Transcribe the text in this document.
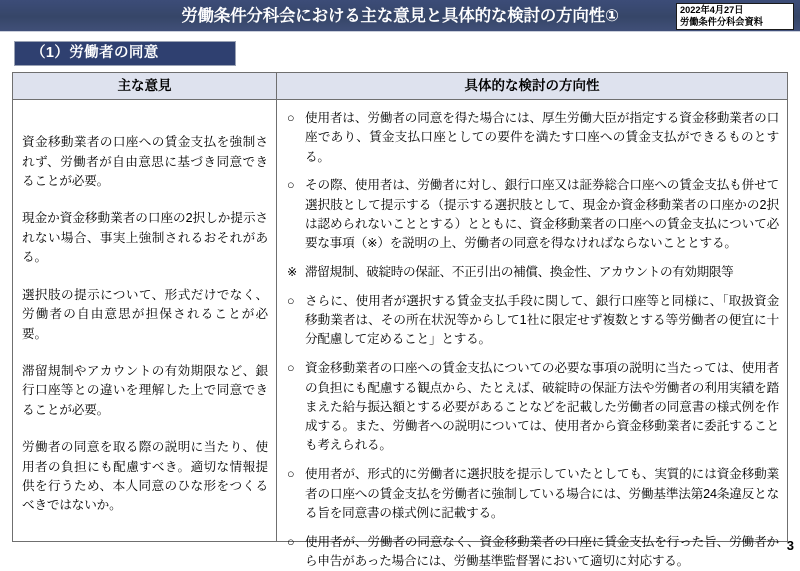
労働条件分科会における主な意見と具体的な検討の方向性①	2022年4月27日
労働条件分科会資料
（1）労働者の同意
主な意見	具体的な検討の方向性
資金移動業者の口座への賃金支払を強制されず、労働者が自由意思に基づき同意できることが必要。
現金か資金移動業者の口座の2択しか提示されない場合、事実上強制されるおそれがある。
選択肢の提示について、形式だけでなく、労働者の自由意思が担保されることが必要。
滞留規制やアカウントの有効期限など、銀行口座等との違いを理解した上で同意できることが必要。
労働者の同意を取る際の説明に当たり、使用者の負担にも配慮すべき。適切な情報提供を行うため、本人同意のひな形をつくるべきではないか。
○ 使用者は、労働者の同意を得た場合には、厚生労働大臣が指定する資金移動業者の口座であり、賃金支払口座としての要件を満たす口座への賃金支払ができるものとする。
○ その際、使用者は、労働者に対し、銀行口座又は証券総合口座への賃金支払も併せて選択肢として提示する（提示する選択肢として、現金か資金移動業者の口座かの2択は認められないこととする）とともに、資金移動業者の口座への賃金支払について必要な事項（※）を説明の上、労働者の同意を得なければならないこととする。
※ 滞留規制、破綻時の保証、不正引出の補償、換金性、アカウントの有効期限等
○ さらに、使用者が選択する賃金支払手段に関して、銀行口座等と同様に、「取扱資金移動業者は、その所在状況等からして1社に限定せず複数とする等労働者の便宜に十分配慮して定めること」とする。
○ 資金移動業者の口座への賃金支払についての必要な事項の説明に当たっては、使用者の負担にも配慮する観点から、たとえば、破綻時の保証方法や労働者の利用実績を踏まえた給与振込額とする必要があることなどを記載した労働者の同意書の様式例を作成する。また、労働者への説明については、使用者から資金移動業者に委託することも考えられる。
○ 使用者が、形式的に労働者に選択肢を提示していたとしても、実質的には資金移動業者の口座への賃金支払を労働者に強制している場合には、労働基準法第24条違反となる旨を同意書の様式例に記載する。
○ 使用者が、労働者の同意なく、資金移動業者の口座に賃金支払を行った旨、労働者から申告があった場合には、労働基準監督署において適切に対応する。
3
